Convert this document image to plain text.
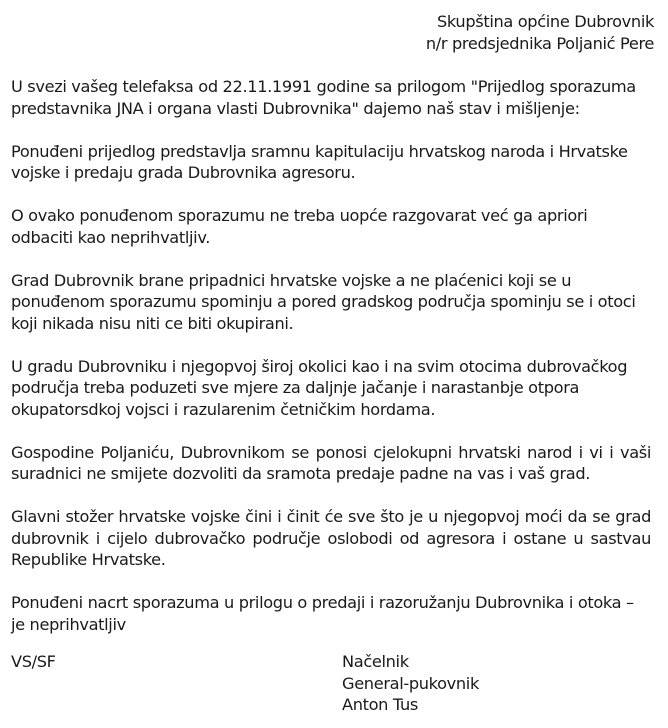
Skupština općine Dubrovnik
n/r predsjednika Poljanić Pere

U svezi vašeg telefaksa od 22.11.1991 godine sa prilogom "Prijedlog sporazuma predstavnika JNA i organa vlasti Dubrovnika" dajemo naš stav i mišljenje:

Ponuđeni prijedlog predstavlja sramnu kapitulaciju hrvatskog naroda i Hrvatske vojske i predaju grada Dubrovnika agresoru.

O ovako ponuđenom sporazumu ne treba uopće razgovarat već ga apriori odbaciti kao neprihvatljiv.

Grad Dubrovnik brane pripadnici hrvatske vojske a ne plaćenici koji se u ponuđenom sporazumu spominju a pored gradskog područja spominju se i otoci koji nikada nisu niti ce biti okupirani.

U gradu Dubrovniku i njegopvoj široj okolici kao i na svim otocima dubrovačkog područja treba poduzeti sve mjere za daljnje jačanje i narastanbje otpora okupatorsdkoj vojsci i razularenim četničkim hordama.

Gospodine Poljaniću, Dubrovnikom se ponosi cjelokupni hrvatski narod i vi i vaši suradnici ne smijete dozvoliti da sramota predaje padne na vas i vaš grad.

Glavni stožer hrvatske vojske čini i činit će sve što je u njegopvoj moći da se grad dubrovnik i cijelo dubrovačko područje oslobodi od agresora i ostane u sastvau Republike Hrvatske.

Ponuđeni nacrt sporazuma u prilogu o predaji i razoružanju Dubrovnika i otoka – je neprihvatljiv

VS/SF	Načelnik
General-pukovnik
Anton Tus
